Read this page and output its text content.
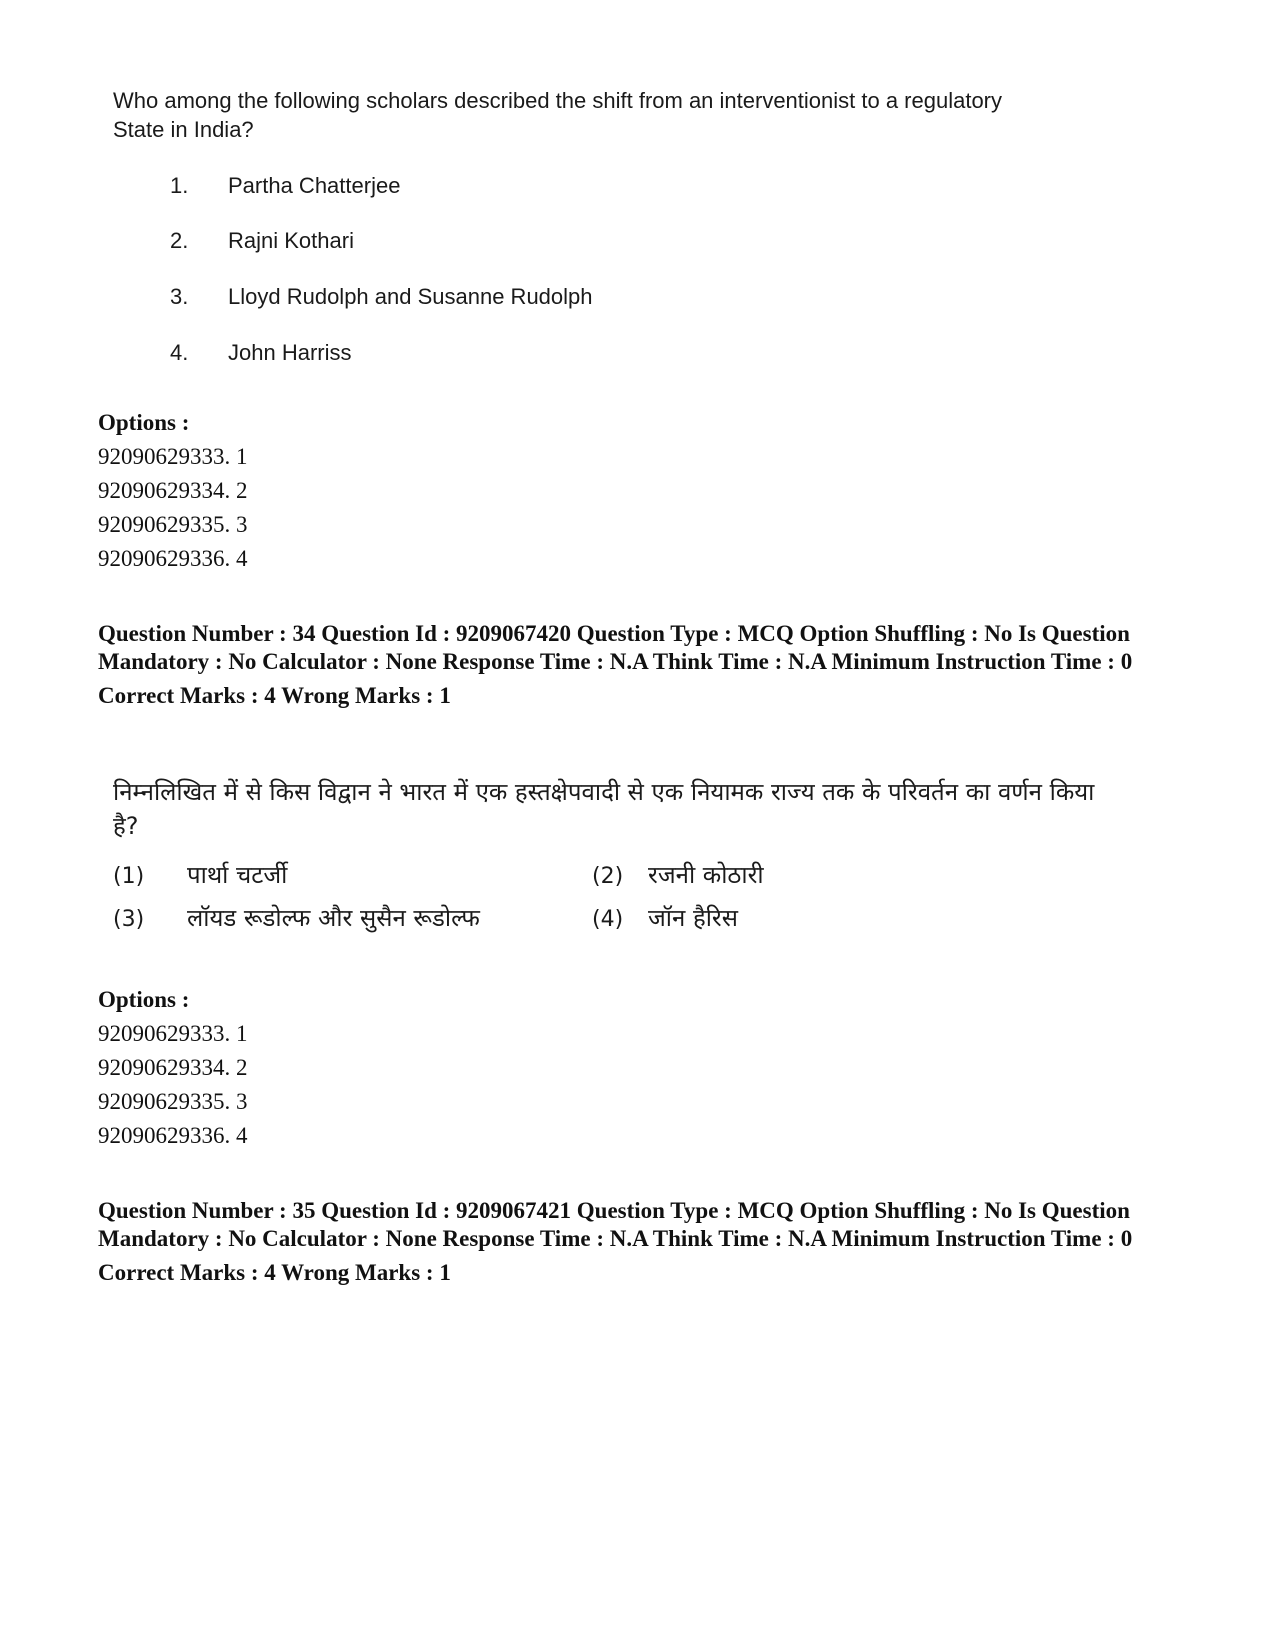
Who among the following scholars described the shift from an interventionist to a regulatory State in India?

1.	Partha Chatterjee
2.	Rajni Kothari
3.	Lloyd Rudolph and Susanne Rudolph
4.	John Harriss
Options :
92090629333. 1
92090629334. 2
92090629335. 3
92090629336. 4

Question Number : 34 Question Id : 9209067420 Question Type : MCQ Option Shuffling : No Is Question Mandatory : No Calculator : None Response Time : N.A Think Time : N.A Minimum Instruction Time : 0

Correct Marks : 4 Wrong Marks : 1

निम्नलिखित में से किस विद्वान ने भारत में एक हस्तक्षेपवादी से एक नियामक राज्य तक के परिवर्तन का वर्णन किया है?

(1) पार्था चटर्जी	(2) रजनी कोठारी
(3) लॉयड रूडोल्फ और सुसैन रूडोल्फ	(4) जॉन हैरिस
Options :
92090629333. 1
92090629334. 2
92090629335. 3
92090629336. 4

Question Number : 35 Question Id : 9209067421 Question Type : MCQ Option Shuffling : No Is Question Mandatory : No Calculator : None Response Time : N.A Think Time : N.A Minimum Instruction Time : 0

Correct Marks : 4 Wrong Marks : 1
